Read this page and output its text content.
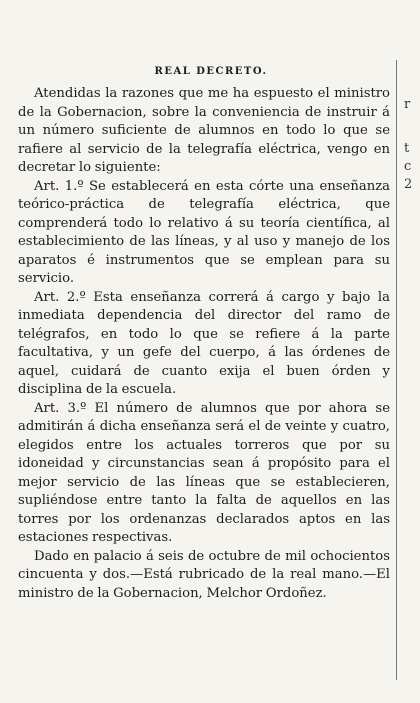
REAL DECRETO.

Atendidas la razones que me ha espuesto el ministro de la Gobernacion, sobre la conveniencia de instruir á un número suficiente de alumnos en todo lo que se rafiere al servicio de la telegrafía eléctrica, vengo en decretar lo siguiente:

Art. 1.º Se establecerá en esta córte una enseñanza teórico-práctica de telegrafía eléctrica, que comprenderá todo lo relativo á su teoría científica, al establecimiento de las líneas, y al uso y manejo de los aparatos é instrumentos que se emplean para su servicio.

Art. 2.º Esta enseñanza correrá á cargo y bajo la inmediata dependencia del director del ramo de telégrafos, en todo lo que se refiere á la parte facultativa, y un gefe del cuerpo, á las órdenes de aquel, cuidará de cuanto exija el buen órden y disciplina de la escuela.

Art. 3.º El número de alumnos que por ahora se admitirán á dicha enseñanza será el de veinte y cuatro, elegidos entre los actuales torreros que por su idoneidad y circunstancias sean á propósito para el mejor servicio de las líneas que se establecieren, supliéndose entre tanto la falta de aquellos en las torres por los ordenanzas declarados aptos en las estaciones respectivas.

Dado en palacio á seis de octubre de mil ochocientos cincuenta y dos.—Está rubricado de la real mano.—El ministro de la Gobernacion, Melchor Ordoñez.

r
t
c
2
